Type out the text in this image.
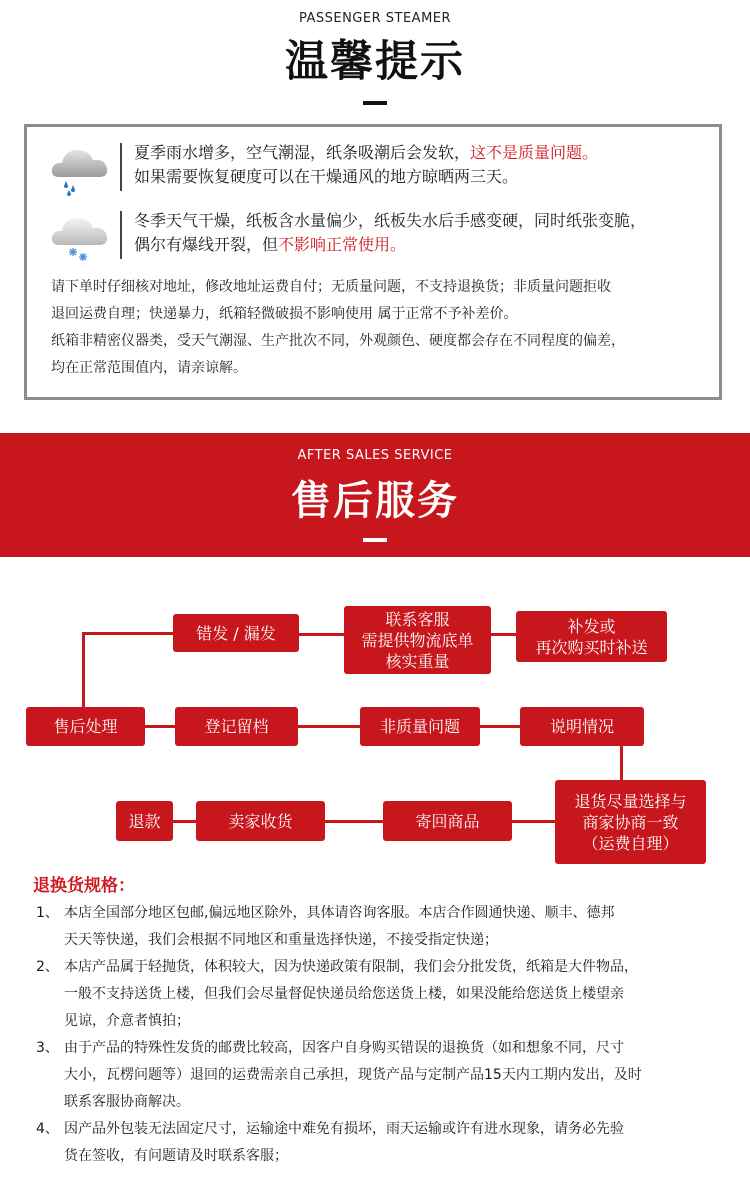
PASSENGER STEAMER
温馨提示
夏季雨水增多，空气潮湿，纸条吸潮后会发软，这不是质量问题。
如果需要恢复硬度可以在干燥通风的地方晾晒两三天。
冬季天气干燥，纸板含水量偏少，纸板失水后手感变硬，同时纸张变脆，
偶尔有爆线开裂，但不影响正常使用。
请下单时仔细核对地址，修改地址运费自付；无质量问题，不支持退换货；非质量问题拒收
退回运费自理；快递暴力，纸箱轻微破损不影响使用 属于正常不予补差价。
纸箱非精密仪器类，受天气潮湿、生产批次不同，外观颜色、硬度都会存在不同程度的偏差，
均在正常范围值内，请亲谅解。
AFTER SALES SERVICE
售后服务
错发 / 漏发
联系客服
需提供物流底单
核实重量
补发或
再次购买时补送
售后处理	登记留档	非质量问题	说明情况
退货尽量选择与
商家协商一致
（运费自理）
寄回商品
卖家收货
退款
退换货规格：
1、 本店全国部分地区包邮,偏远地区除外，具体请咨询客服。本店合作圆通快递、顺丰、德邦
天天等快递，我们会根据不同地区和重量选择快递，不接受指定快递；
2、 本店产品属于轻抛货，体积较大，因为快递政策有限制，我们会分批发货，纸箱是大件物品，
一般不支持送货上楼，但我们会尽量督促快递员给您送货上楼，如果没能给您送货上楼望亲
见谅，介意者慎拍；
3、 由于产品的特殊性发货的邮费比较高，因客户自身购买错误的退换货（如和想象不同，尺寸
大小，瓦楞问题等）退回的运费需亲自己承担，现货产品与定制产品15天内工期内发出，及时
联系客服协商解决。
4、 因产品外包装无法固定尺寸，运输途中难免有损坏，雨天运输或许有进水现象，请务必先验
货在签收，有问题请及时联系客服；
